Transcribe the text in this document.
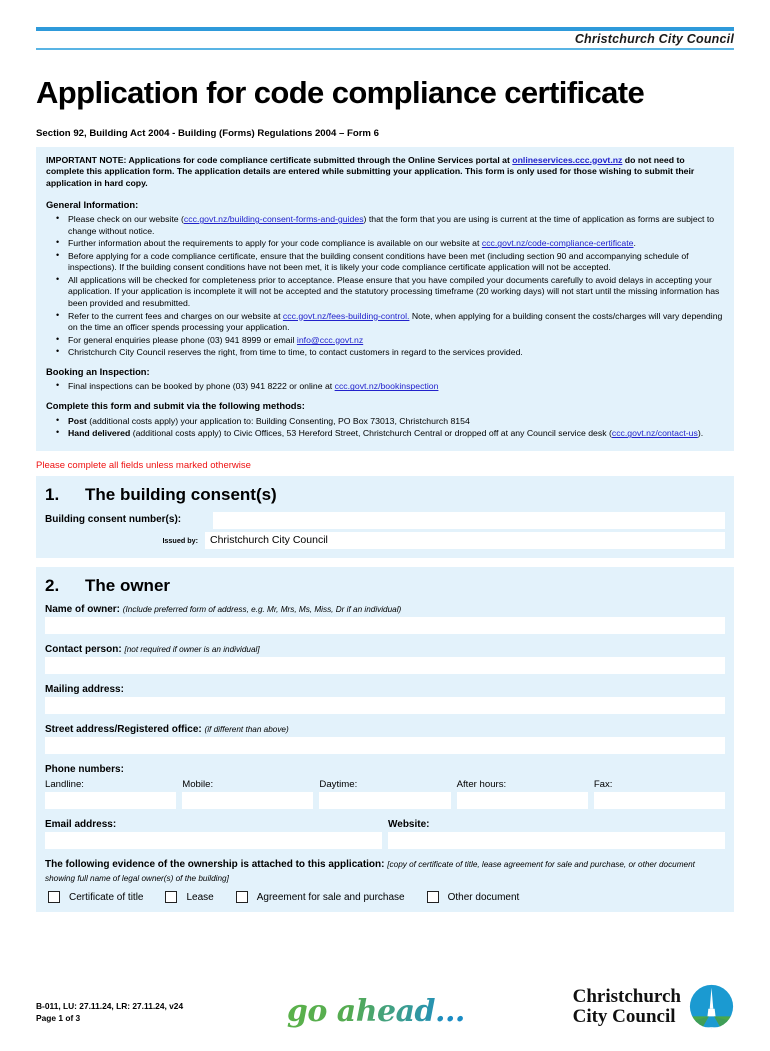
Christchurch City Council
Application for code compliance certificate
Section 92, Building Act 2004 - Building (Forms) Regulations 2004 – Form 6

IMPORTANT NOTE: Applications for code compliance certificate submitted through the Online Services portal at onlineservices.ccc.govt.nz do not need to complete this application form. The application details are entered while submitting your application. This form is only used for those wishing to submit their application in hard copy.

General Information:

• Please check on our website (ccc.govt.nz/building-consent-forms-and-guides) that the form that you are using is current at the time of application as forms are subject to change without notice.
• Further information about the requirements to apply for your code compliance is available on our website at ccc.govt.nz/code-compliance-certificate.
• Before applying for a code compliance certificate, ensure that the building consent conditions have been met (including section 90 and accompanying schedule of inspections). If the building consent conditions have not been met, it is likely your code compliance certificate application will not be accepted.
• All applications will be checked for completeness prior to acceptance. Please ensure that you have compiled your documents carefully to avoid delays in accepting your application. If your application is incomplete it will not be accepted and the statutory processing timeframe (20 working days) will not start until the missing information has been provided and resubmitted.
• Refer to the current fees and charges on our website at ccc.govt.nz/fees-building-control. Note, when applying for a building consent the costs/charges will vary depending on the time an officer spends processing your application.
• For general enquiries please phone (03) 941 8999 or email info@ccc.govt.nz
• Christchurch City Council reserves the right, from time to time, to contact customers in regard to the services provided.

Booking an Inspection:

• Final inspections can be booked by phone (03) 941 8222 or online at ccc.govt.nz/bookinspection

Complete this form and submit via the following methods:

• Post (additional costs apply) your application to: Building Consenting, PO Box 73013, Christchurch 8154
• Hand delivered (additional costs apply) to Civic Offices, 53 Hereford Street, Christchurch Central or dropped off at any Council service desk (ccc.govt.nz/contact-us).
Please complete all fields unless marked otherwise
1.	The building consent(s)
Building consent number(s):
Issued by:	Christchurch City Council
2.	The owner
Name of owner: (Include preferred form of address, e.g. Mr, Mrs, Ms, Miss, Dr if an individual)
Contact person: [not required if owner is an individual]
Mailing address:
Street address/Registered office: (if different than above)
Phone numbers:
Landline:	Mobile:	Daytime:	After hours:	Fax:
Email address:	Website:
The following evidence of the ownership is attached to this application: [copy of certificate of title, lease agreement for sale and purchase, or other document showing full name of legal owner(s) of the building]
Certificate of title	Lease	Agreement for sale and purchase	Other document
B-011, LU: 27.11.24, LR: 27.11.24, v24
Page 1 of 3	go ahead...	Christchurch
City Council
